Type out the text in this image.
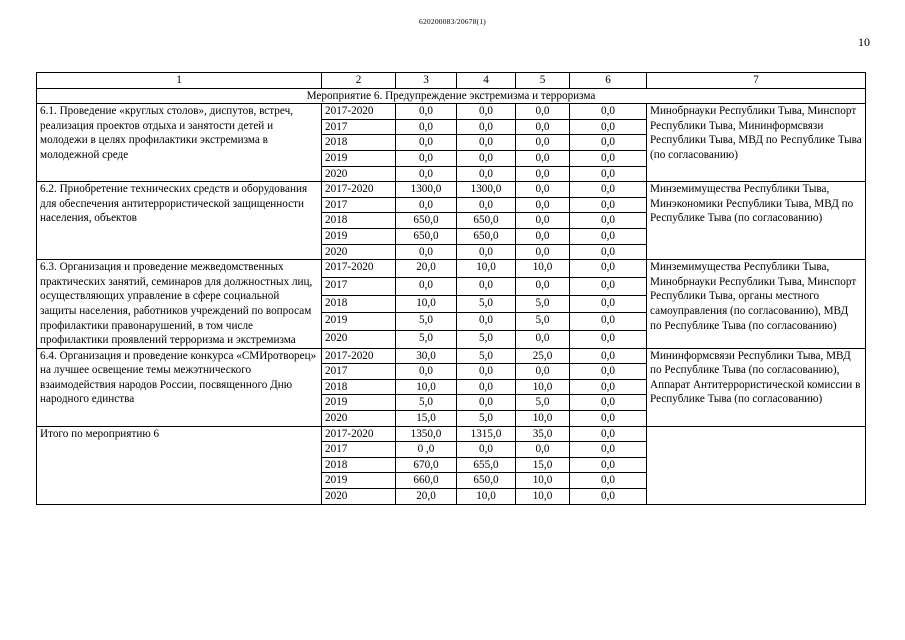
620200083/20678(1)
10
1	2	3	4	5	6	7
Мероприятие 6. Предупреждение экстремизма и терроризма						
6.1. Проведение «круглых столов», диспутов, встреч, реализация проектов отдыха и занятости детей и молодежи в целях профилактики экстремизма в молодежной среде	2017-2020	0,0	0,0	0,0	0,0	Минобрнауки Республики Тыва, Минспорт Республики Тыва, Мининформсвязи Республики Тыва, МВД по Республике Тыва (по согласованию)
	2017	0,0	0,0	0,0	0,0	
	2018	0,0	0,0	0,0	0,0	
	2019	0,0	0,0	0,0	0,0	
	2020	0,0	0,0	0,0	0,0	
6.2. Приобретение технических средств и оборудования для обеспечения антитеррористической защищенности населения, объектов	2017-2020	1300,0	1300,0	0,0	0,0	Минземимущества Республики Тыва, Минэкономики Республики Тыва, МВД по Республике Тыва (по согласованию)
	2017	0,0	0,0	0,0	0,0	
	2018	650,0	650,0	0,0	0,0	
	2019	650,0	650,0	0,0	0,0	
	2020	0,0	0,0	0,0	0,0	
6.3. Организация и проведение межведомственных практических занятий, семинаров для должностных лиц, осуществляющих управление в сфере социальной защиты населения, работников учреждений по вопросам профилактики правонарушений, в том числе профилактики проявлений терроризма и экстремизма	2017-2020	20,0	10,0	10,0	0,0	Минземимущества Республики Тыва, Минобрнауки Республики Тыва, Минспорт Республики Тыва, органы местного самоуправления (по согласованию), МВД по Республике Тыва (по согласованию)
	2017	0,0	0,0	0,0	0,0	
	2018	10,0	5,0	5,0	0,0	
	2019	5,0	0,0	5,0	0,0	
	2020	5,0	5,0	0,0	0,0	
6.4. Организация и проведение конкурса «СМИротворец» на лучшее освещение темы межэтнического взаимодействия народов России, посвященного Дню народного единства	2017-2020	30,0	5,0	25,0	0,0	Мининформсвязи Республики Тыва, МВД по Республике Тыва (по согласованию), Аппарат Антитеррористической комиссии в Республике Тыва (по согласованию)
	2017	0,0	0,0	0,0	0,0	
	2018	10,0	0,0	10,0	0,0	
	2019	5,0	0,0	5,0	0,0	
	2020	15,0	5,0	10,0	0,0	
Итого по мероприятию 6	2017-2020	1350,0	1315,0	35,0	0,0	
	2017	0 ,0	0,0	0,0	0,0	
	2018	670,0	655,0	15,0	0,0	
	2019	660,0	650,0	10,0	0,0	
	2020	20,0	10,0	10,0	0,0	
